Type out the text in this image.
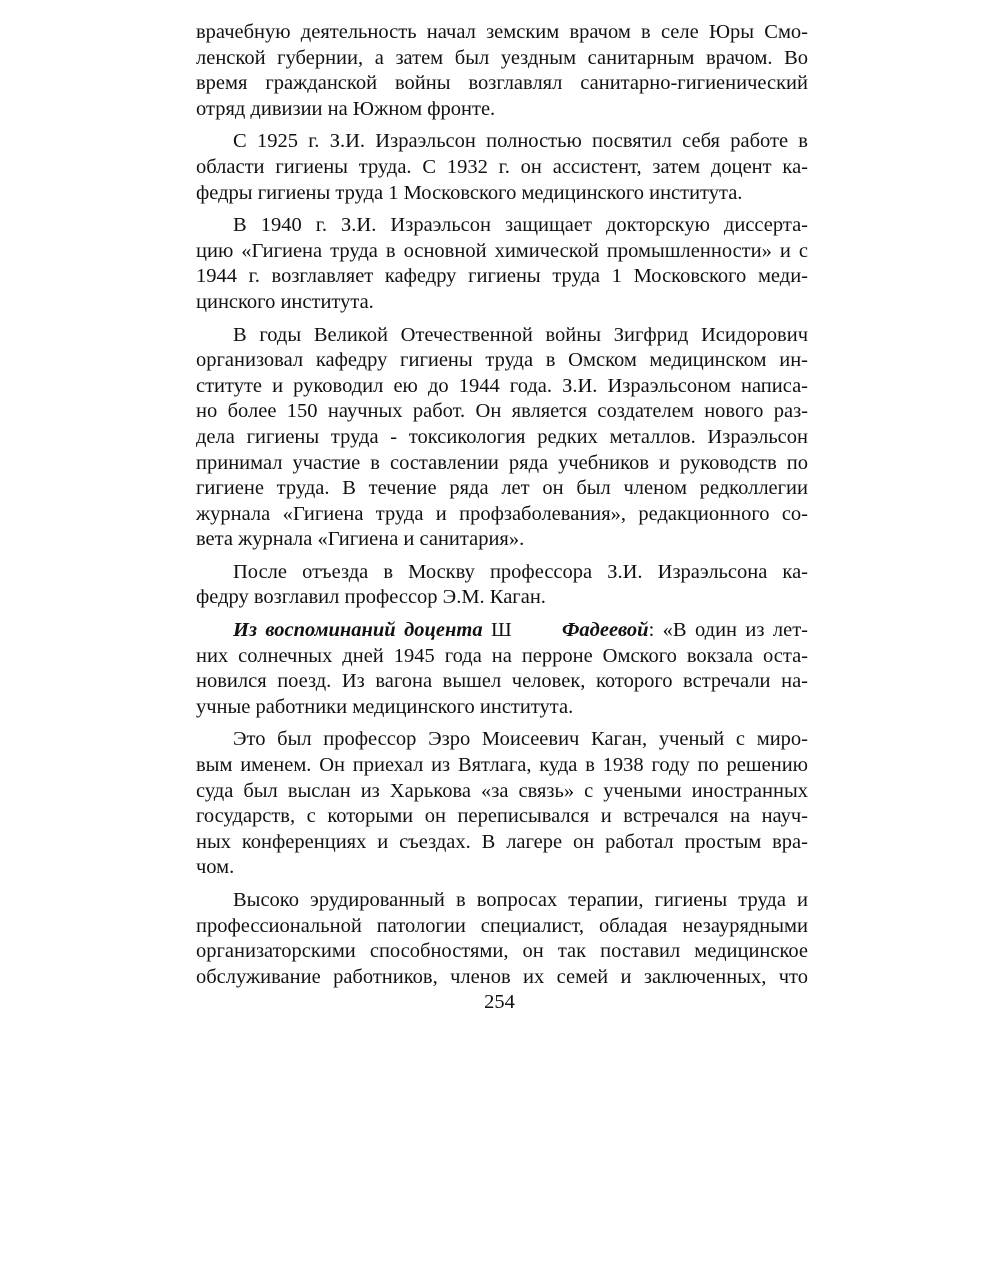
врачебную деятельность начал земским врачом в селе Юры Смо-
ленской губернии, а затем был уездным санитарным врачом. Во
время гражданской войны возглавлял санитарно-гигиенический
отряд дивизии на Южном фронте.
С 1925 г. З.И. Израэльсон полностью посвятил себя работе в
области гигиены труда. С 1932 г. он ассистент, затем доцент ка-
федры гигиены труда 1 Московского медицинского института.
В 1940 г. З.И. Израэльсон защищает докторскую диссерта-
цию «Гигиена труда в основной химической промышленности» и с
1944 г. возглавляет кафедру гигиены труда 1 Московского меди-
цинского института.
В годы Великой Отечественной войны Зигфрид Исидорович
организовал кафедру гигиены труда в Омском медицинском ин-
ституте и руководил ею до 1944 года. З.И. Израэльсоном написа-
но более 150 научных работ. Он является создателем нового раз-
дела гигиены труда - токсикология редких металлов. Израэльсон
принимал участие в составлении ряда учебников и руководств по
гигиене труда. В течение ряда лет он был членом редколлегии
журнала «Гигиена труда и профзаболевания», редакционного со-
вета журнала «Гигиена и санитария».
После отъезда в Москву профессора З.И. Израэльсона ка-
федру возглавил профессор Э.М. Каган.
Из воспоминаний доцента Ш      Фадеевой: «В один из лет-
них солнечных дней 1945 года на перроне Омского вокзала оста-
новился поезд. Из вагона вышел человек, которого встречали на-
учные работники медицинского института.
Это был профессор Эзро Моисеевич Каган, ученый с миро-
вым именем. Он приехал из Вятлага, куда в 1938 году по решению
суда был выслан из Харькова «за связь» с учеными иностранных
государств, с которыми он переписывался и встречался на науч-
ных конференциях и съездах. В лагере он работал простым вра-
чом.
Высоко эрудированный в вопросах терапии, гигиены труда и
профессиональной патологии специалист, обладая незаурядными
организаторскими способностями, он так поставил медицинское
обслуживание работников, членов их семей и заключенных, что
254
